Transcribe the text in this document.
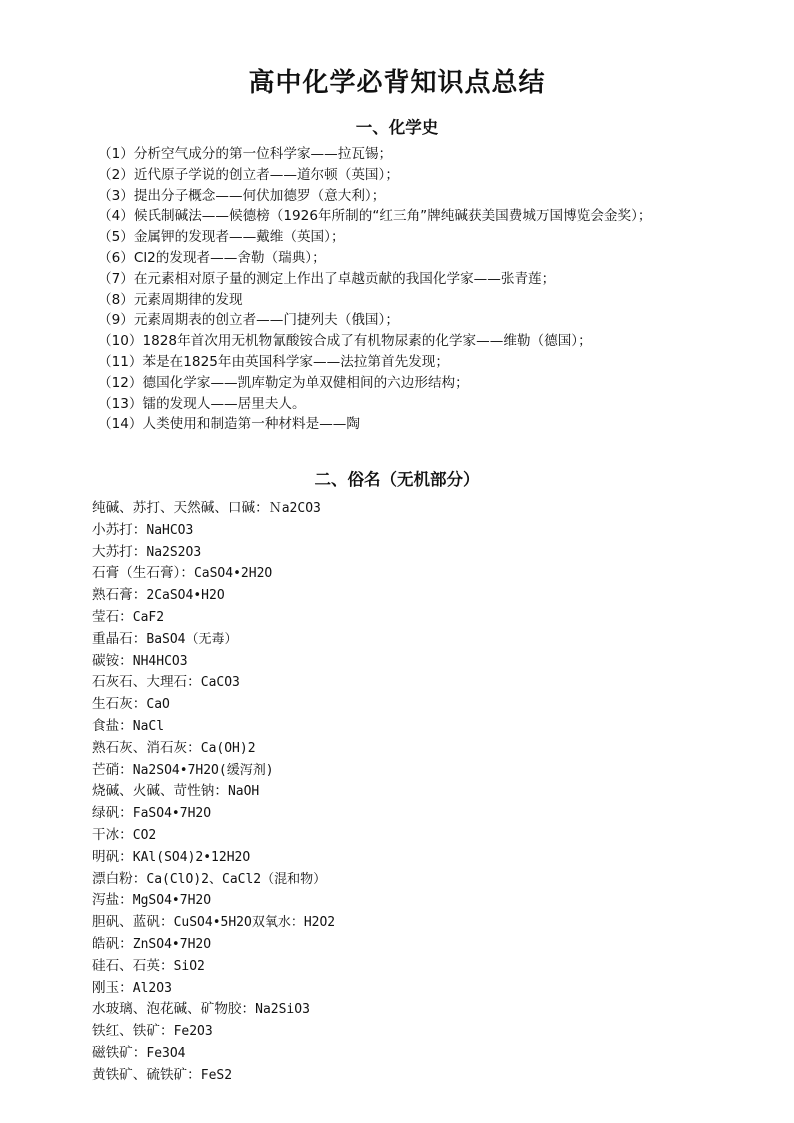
高中化学必背知识点总结
一、化学史
（1）分析空气成分的第一位科学家——拉瓦锡；
（2）近代原子学说的创立者——道尔顿（英国）；
（3）提出分子概念——何伏加德罗（意大利）；
（4）候氏制碱法——候德榜（1926年所制的“红三角”牌纯碱获美国费城万国博览会金奖）；
（5）金属钾的发现者——戴维（英国）；
（6）Cl2的发现者——舍勒（瑞典）；
（7）在元素相对原子量的测定上作出了卓越贡献的我国化学家——张青莲；
（8）元素周期律的发现
（9）元素周期表的创立者——门捷列夫（俄国）；
（10）1828年首次用无机物氰酸铵合成了有机物尿素的化学家——维勒（德国）；
（11）苯是在1825年由英国科学家——法拉第首先发现；
（12）德国化学家——凯库勒定为单双健相间的六边形结构；
（13）镭的发现人——居里夫人。
（14）人类使用和制造第一种材料是——陶
二、俗名（无机部分）
纯碱、苏打、天然碱、口碱：Ｎa2CO3
小苏打：NaHCO3
大苏打：Na2S2O3
石膏（生石膏）：CaSO4•2H2O
熟石膏：2CaSO4•H2O
莹石：CaF2
重晶石：BaSO4（无毒）
碳铵：NH4HCO3
石灰石、大理石：CaCO3
生石灰：CaO
食盐：NaCl
熟石灰、消石灰：Ca(OH)2
芒硝：Na2SO4•7H2O(缓泻剂)
烧碱、火碱、苛性钠：NaOH
绿矾：FaSO4•7H2O
干冰：CO2
明矾：KAl(SO4)2•12H2O
漂白粉：Ca(ClO)2、CaCl2（混和物）
泻盐：MgSO4•7H2O
胆矾、蓝矾：CuSO4•5H2O双氧水：H2O2
皓矾：ZnSO4•7H2O
硅石、石英：SiO2
刚玉：Al2O3
水玻璃、泡花碱、矿物胶：Na2SiO3
铁红、铁矿：Fe2O3
磁铁矿：Fe3O4
黄铁矿、硫铁矿：FeS2
